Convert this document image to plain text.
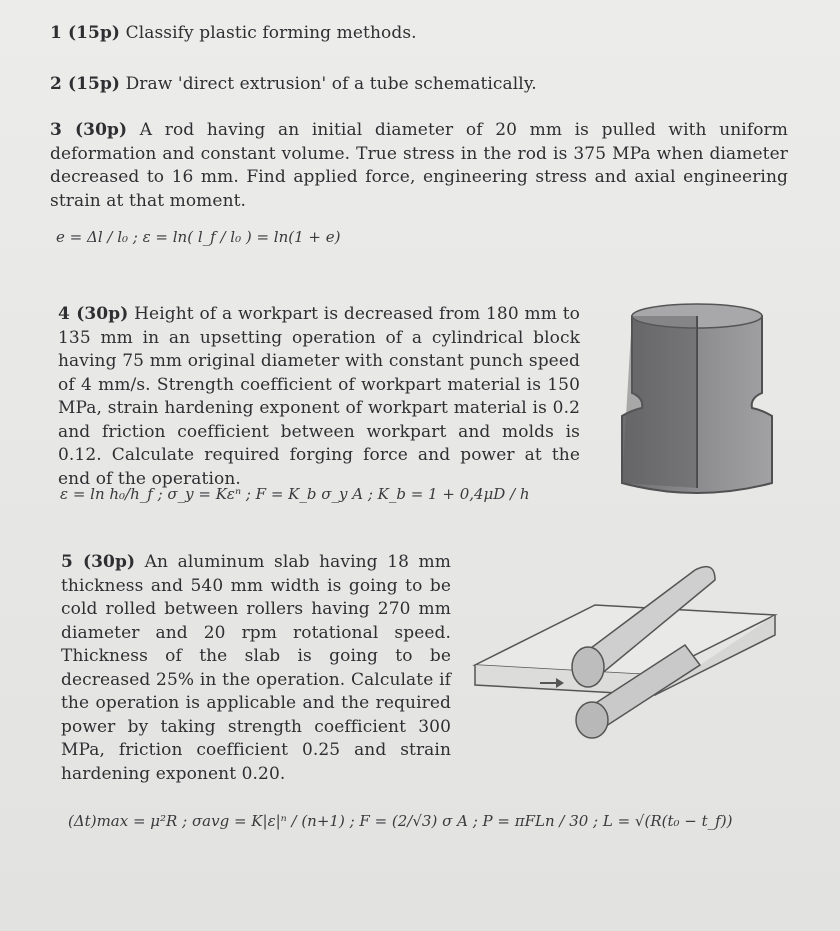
1 (15p) Classify plastic forming methods.
2 (15p) Draw 'direct extrusion' of a tube schematically.
3 (30p) A rod having an initial diameter of 20 mm is pulled with uniform deformation and constant volume. True stress in the rod is 375 MPa when diameter decreased to 16 mm. Find applied force, engineering stress and axial engineering strain at that moment.
e = Δl / l₀ ; ε = ln( l_f / l₀ ) = ln(1 + e)
4 (30p) Height of a workpart is decreased from 180 mm to 135 mm in an upsetting operation of a cylindrical block having 75 mm original diameter with constant punch speed of 4 mm/s. Strength coefficient of workpart material is 150 MPa, strain hardening exponent of workpart material is 0.2 and friction coefficient between workpart and molds is 0.12. Calculate required forging force and power at the end of the operation.
ε = ln h₀/h_f ; σ_y = Kεⁿ ; F = K_b σ_y A ; K_b = 1 + 0,4μD / h
5 (30p) An aluminum slab having 18 mm thickness and 540 mm width is going to be cold rolled between rollers having 270 mm diameter and 20 rpm rotational speed. Thickness of the slab is going to be decreased 25% in the operation. Calculate if the operation is applicable and the required power by taking strength coefficient 300 MPa, friction coefficient 0.25 and strain hardening exponent 0.20.
(Δt)max = μ²R ; σavg = K|ε|ⁿ / (n+1) ; F = (2/√3) σ A ; P = πFLn / 30 ; L = √(R(t₀ − t_f))
